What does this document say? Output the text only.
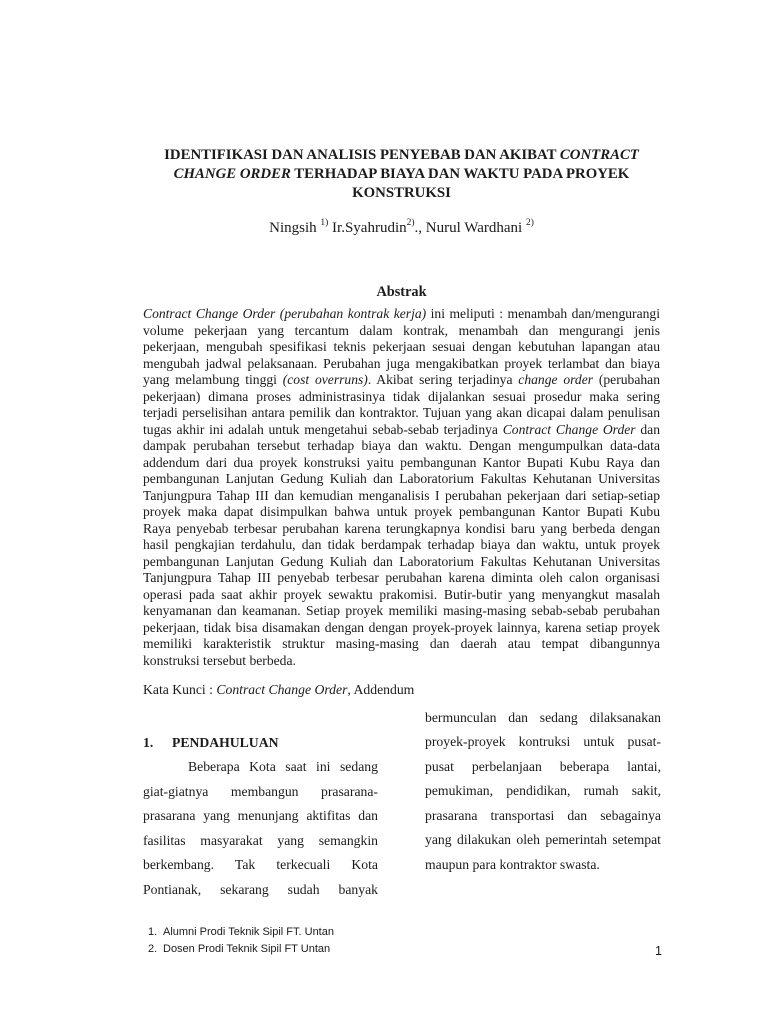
IDENTIFIKASI DAN ANALISIS PENYEBAB DAN AKIBAT CONTRACT
CHANGE ORDER TERHADAP BIAYA DAN WAKTU PADA PROYEK
KONSTRUKSI
Ningsih $^{1)}$ Ir.Syahrudin$^{2)}$., Nurul Wardhani $^{2)}$
Abstrak
Contract Change Order (perubahan kontrak kerja) ini meliputi : menambah dan/mengurangi
volume pekerjaan yang tercantum dalam kontrak, menambah dan mengurangi jenis
pekerjaan, mengubah spesifikasi teknis pekerjaan sesuai dengan kebutuhan lapangan atau
mengubah jadwal pelaksanaan. Perubahan juga mengakibatkan proyek terlambat dan biaya
yang melambung tinggi (cost overruns). Akibat sering terjadinya change order (perubahan
pekerjaan) dimana proses administrasinya tidak dijalankan sesuai prosedur maka sering
terjadi perselisihan antara pemilik dan kontraktor. Tujuan yang akan dicapai dalam penulisan
tugas akhir ini adalah untuk mengetahui sebab-sebab terjadinya Contract Change Order dan
dampak perubahan tersebut terhadap biaya dan waktu. Dengan mengumpulkan data-data
addendum dari dua proyek konstruksi yaitu pembangunan Kantor Bupati Kubu Raya dan
pembangunan Lanjutan Gedung Kuliah dan Laboratorium Fakultas Kehutanan Universitas
Tanjungpura Tahap III dan kemudian menganalisis I perubahan pekerjaan dari setiap-setiap
proyek maka dapat disimpulkan bahwa untuk proyek pembangunan Kantor Bupati Kubu
Raya penyebab terbesar perubahan karena terungkapnya kondisi baru yang berbeda dengan
hasil pengkajian terdahulu, dan tidak berdampak terhadap biaya dan waktu, untuk proyek
pembangunan Lanjutan Gedung Kuliah dan Laboratorium Fakultas Kehutanan Universitas
Tanjungpura Tahap III penyebab terbesar perubahan karena diminta oleh calon organisasi
operasi pada saat akhir proyek sewaktu prakomisi. Butir-butir yang menyangkut masalah
kenyamanan dan keamanan. Setiap proyek memiliki masing-masing sebab-sebab perubahan
pekerjaan, tidak bisa disamakan dengan dengan proyek-proyek lainnya, karena setiap proyek
memiliki karakteristik struktur masing-masing dan daerah atau tempat dibangunnya
konstruksi tersebut berbeda.
Kata Kunci : Contract Change Order, Addendum
1.	PENDAHULUAN
Beberapa Kota saat ini sedang
giat-giatnya membangun prasarana-
prasarana yang menunjang aktifitas dan
fasilitas masyarakat yang semangkin
berkembang. Tak terkecuali Kota
Pontianak, sekarang sudah banyak
bermunculan dan sedang dilaksanakan
proyek-proyek kontruksi untuk pusat-
pusat perbelanjaan beberapa lantai,
pemukiman, pendidikan, rumah sakit,
prasarana transportasi dan sebagainya
yang dilakukan oleh pemerintah setempat
maupun para kontraktor swasta.
1. Alumni Prodi Teknik Sipil FT. Untan
2. Dosen Prodi Teknik Sipil FT Untan	1
